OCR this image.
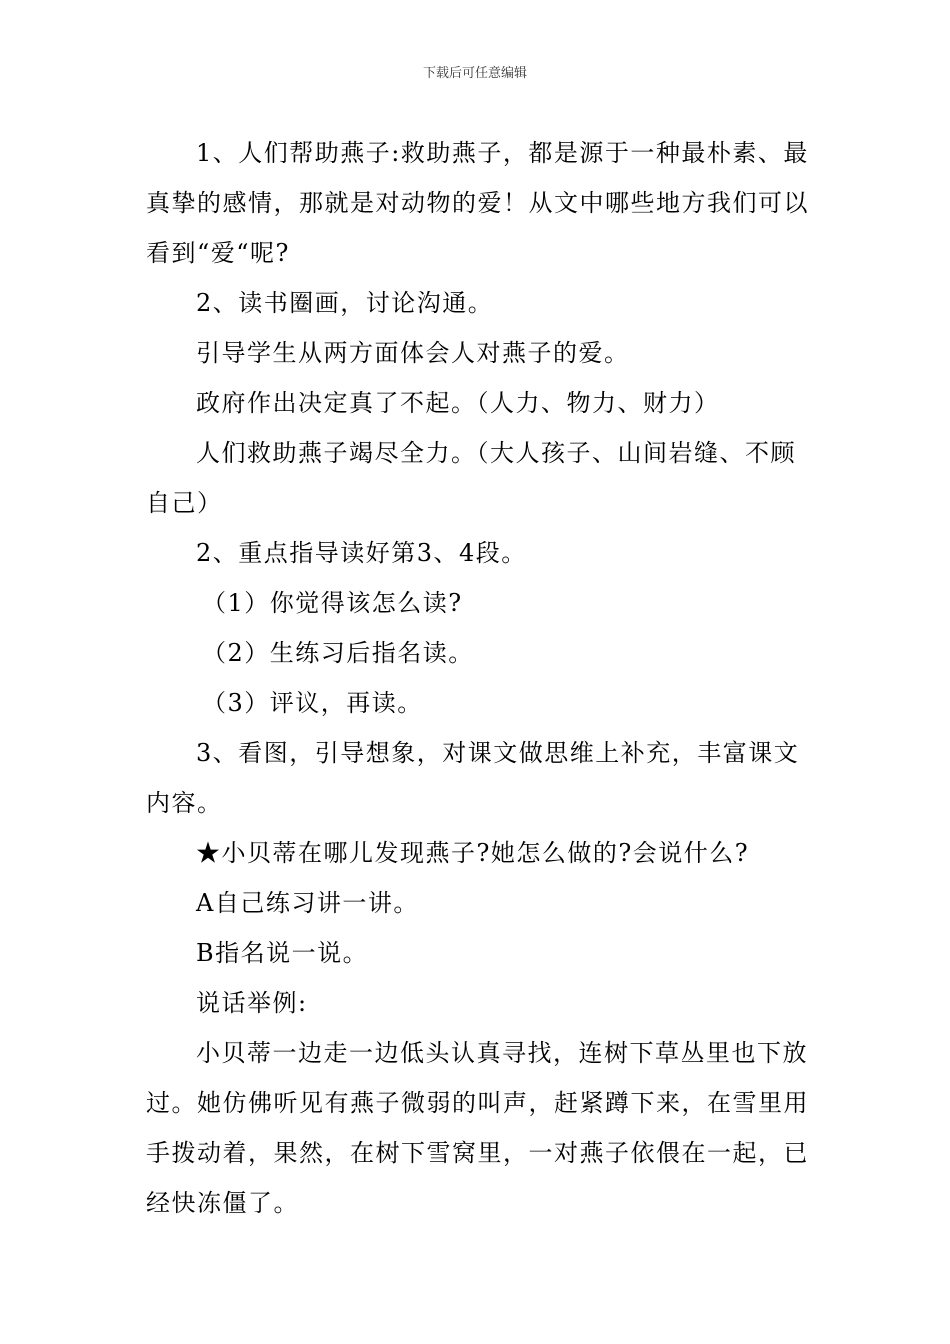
下载后可任意编辑

1、人们帮助燕子:救助燕子，都是源于一种最朴素、最真挚的感情，那就是对动物的爱！从文中哪些地方我们可以看到“爱“呢?

2、读书圈画，讨论沟通。

引导学生从两方面体会人对燕子的爱。

政府作出决定真了不起。（人力、物力、财力）

人们救助燕子竭尽全力。（大人孩子、山间岩缝、不顾自己）

2、重点指导读好第3、4段。

（1）你觉得该怎么读?

（2）生练习后指名读。

（3）评议，再读。

3、看图，引导想象，对课文做思维上补充，丰富课文内容。

★小贝蒂在哪儿发现燕子?她怎么做的?会说什么?

A自己练习讲一讲。

B指名说一说。

说话举例:

小贝蒂一边走一边低头认真寻找，连树下草丛里也下放过。她仿佛听见有燕子微弱的叫声，赶紧蹲下来，在雪里用手拨动着，果然，在树下雪窝里，一对燕子依偎在一起，已经快冻僵了。
